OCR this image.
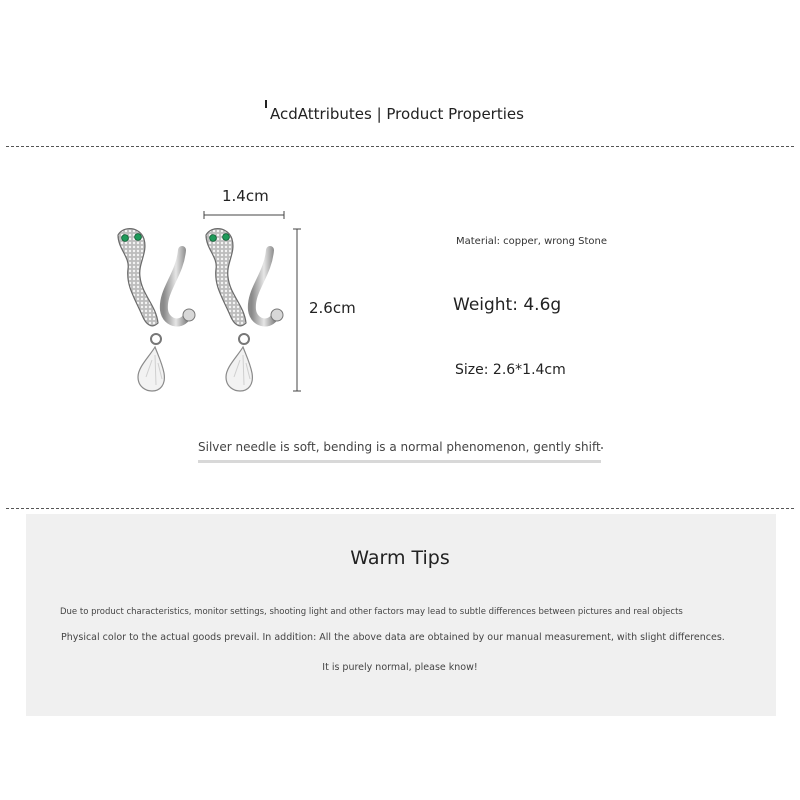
AcdAttributes | Product Properties
1.4cm
2.6cm
Material: copper, wrong Stone
Weight: 4.6g
Size: 2.6*1.4cm
Silver needle is soft, bending is a normal phenomenon, gently shift
Warm Tips
Due to product characteristics, monitor settings, shooting light and other factors may lead to subtle differences between pictures and real objects
Physical color to the actual goods prevail. In addition: All the above data are obtained by our manual measurement, with slight differences.
It is purely normal, please know!
